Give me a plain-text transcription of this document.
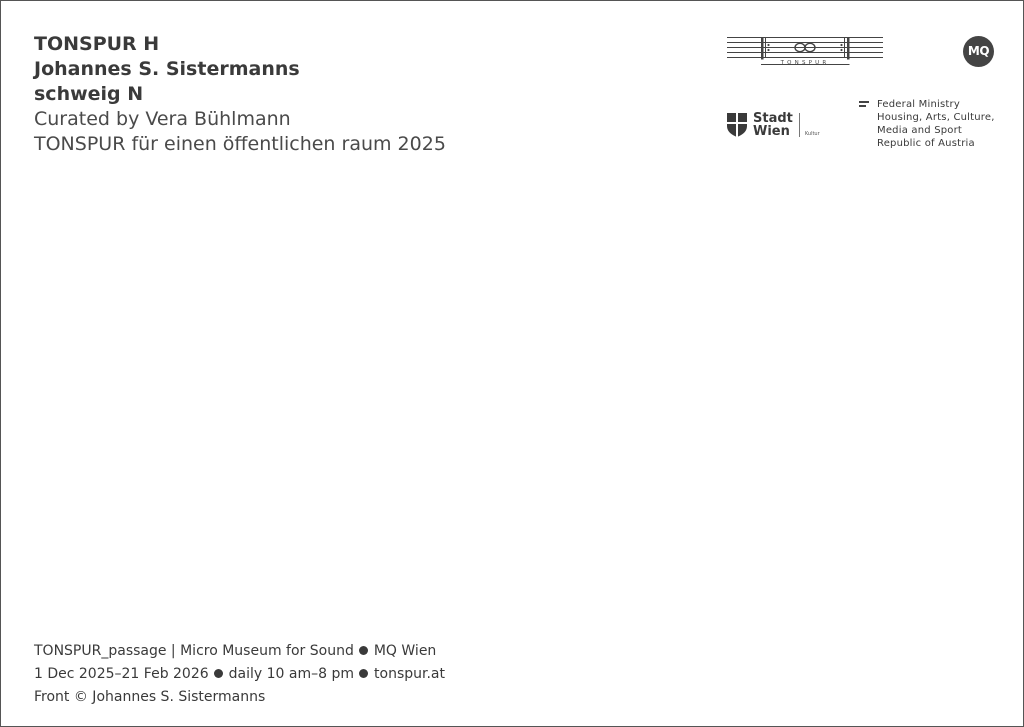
TONSPUR H
Johannes S. Sistermanns
schweig N
Curated by Vera Bühlmann
TONSPUR für einen öffentlichen raum 2025
TONSPUR
MQ
Stadt
Wien	Kultur
Federal Ministry
Housing, Arts, Culture,
Media and Sport
Republic of Austria
TONSPUR_passage | Micro Museum for Sound MQ Wien
1 Dec 2025–21 Feb 2026 daily 10 am–8 pm tonspur.at
Front © Johannes S. Sistermanns
